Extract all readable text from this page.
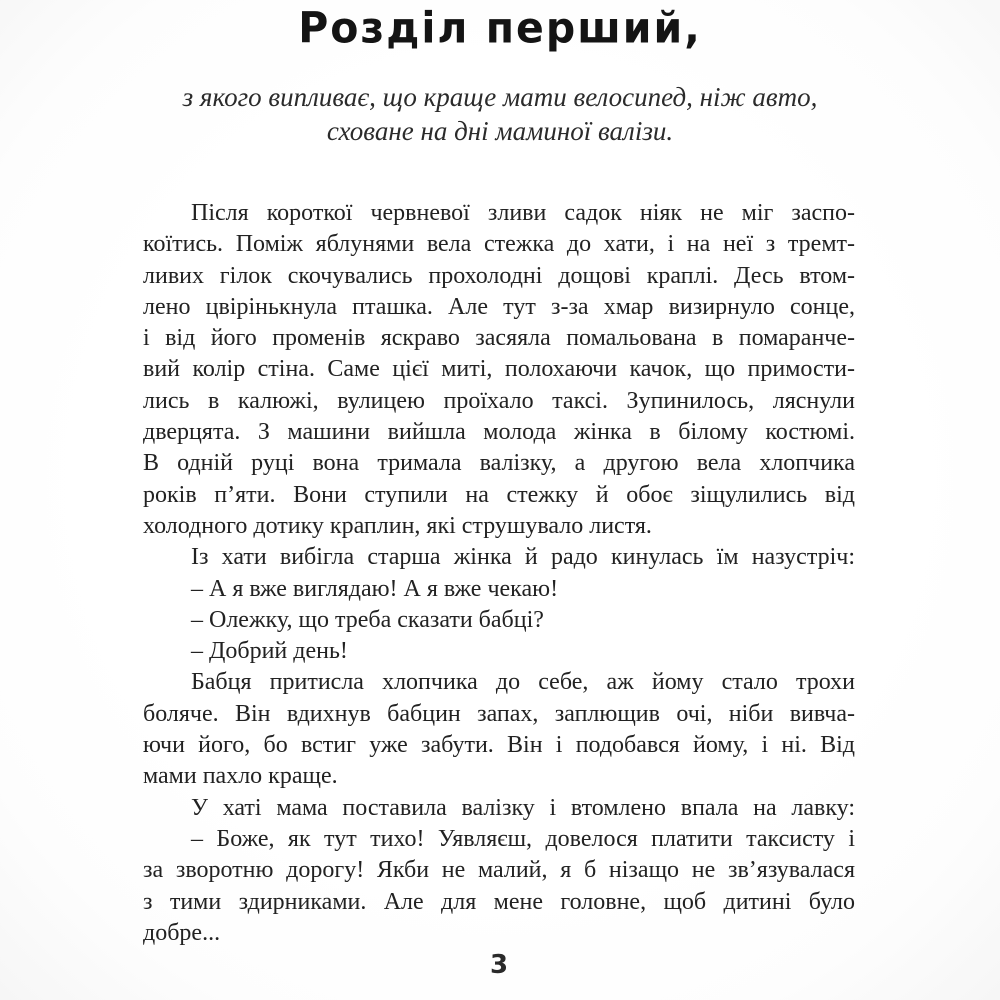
Розділ перший,
з якого випливає, що краще мати велосипед, ніж авто,
сховане на дні маминої валізи.
Після короткої червневої зливи садок ніяк не міг заспо-
коїтись. Поміж яблунями вела стежка до хати, і на неї з тремт-
ливих гілок скочувались прохолодні дощові краплі. Десь втом-
лено цвірінькнула пташка. Але тут з-за хмар визирнуло сонце,
і від його променів яскраво засяяла помальована в помаранче-
вий колір стіна. Саме цієї миті, полохаючи качок, що примости-
лись в калюжі, вулицею проїхало таксі. Зупинилось, ляснули
дверцята. З машини вийшла молода жінка в білому костюмі.
В одній руці вона тримала валізку, а другою вела хлопчика
років п’яти. Вони ступили на стежку й обоє зіщулились від
холодного дотику краплин, які струшувало листя.
Із хати вибігла старша жінка й радо кинулась їм назустріч:
– А я вже виглядаю! А я вже чекаю!
– Олежку, що треба сказати бабці?
– Добрий день!
Бабця притисла хлопчика до себе, аж йому стало трохи
боляче. Він вдихнув бабцин запах, заплющив очі, ніби вивча-
ючи його, бо встиг уже забути. Він і подобався йому, і ні. Від
мами пахло краще.
У хаті мама поставила валізку і втомлено впала на лавку:
– Боже, як тут тихо! Уявляєш, довелося платити таксисту і
за зворотню дорогу! Якби не малий, я б нізащо не зв’язувалася
з тими здирниками. Але для мене головне, щоб дитині було
добре...
3
